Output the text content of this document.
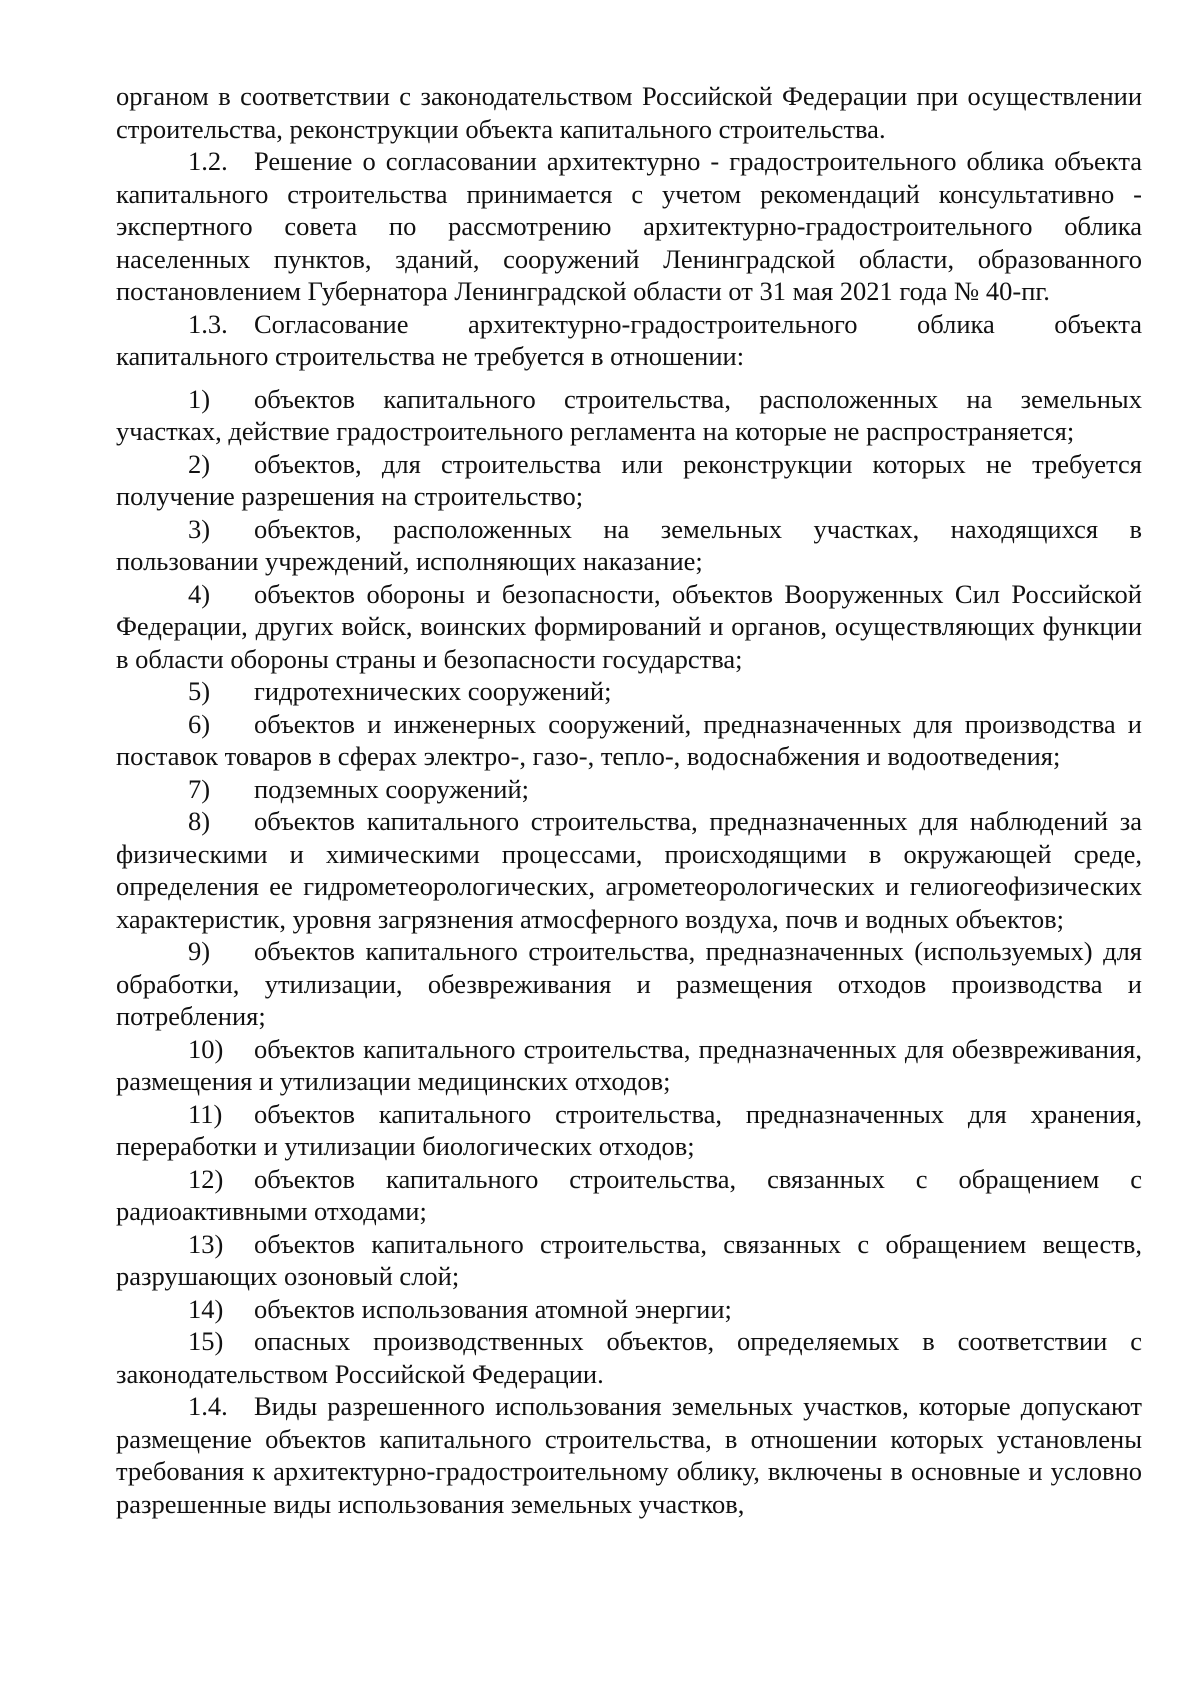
органом в соответствии с законодательством Российской Федерации при осуществлении строительства, реконструкции объекта капитального строительства.

1.2. Решение о согласовании архитектурно - градостроительного облика объекта капитального строительства принимается с учетом рекомендаций консультативно - экспертного совета по рассмотрению архитектурно-градостроительного облика населенных пунктов, зданий, сооружений Ленинградской области, образованного постановлением Губернатора Ленинградской области от 31 мая 2021 года № 40-пг.

1.3. Согласование архитектурно-градостроительного облика объекта капитального строительства не требуется в отношении:

1) объектов капитального строительства, расположенных на земельных участках, действие градостроительного регламента на которые не распространяется;

2) объектов, для строительства или реконструкции которых не требуется получение разрешения на строительство;

3) объектов, расположенных на земельных участках, находящихся в пользовании учреждений, исполняющих наказание;

4) объектов обороны и безопасности, объектов Вооруженных Сил Российской Федерации, других войск, воинских формирований и органов, осуществляющих функции в области обороны страны и безопасности государства;

5) гидротехнических сооружений;

6) объектов и инженерных сооружений, предназначенных для производства и поставок товаров в сферах электро-, газо-, тепло-, водоснабжения и водоотведения;

7) подземных сооружений;

8) объектов капитального строительства, предназначенных для наблюдений за физическими и химическими процессами, происходящими в окружающей среде, определения ее гидрометеорологических, агрометеорологических и гелиогеофизических характеристик, уровня загрязнения атмосферного воздуха, почв и водных объектов;

9) объектов капитального строительства, предназначенных (используемых) для обработки, утилизации, обезвреживания и размещения отходов производства и потребления;

10) объектов капитального строительства, предназначенных для обезвреживания, размещения и утилизации медицинских отходов;

11) объектов капитального строительства, предназначенных для хранения, переработки и утилизации биологических отходов;

12) объектов капитального строительства, связанных с обращением с радиоактивными отходами;

13) объектов капитального строительства, связанных с обращением веществ, разрушающих озоновый слой;

14) объектов использования атомной энергии;

15) опасных производственных объектов, определяемых в соответствии с законодательством Российской Федерации.

1.4. Виды разрешенного использования земельных участков, которые допускают размещение объектов капитального строительства, в отношении которых установлены требования к архитектурно-градостроительному облику, включены в основные и условно разрешенные виды использования земельных участков,
